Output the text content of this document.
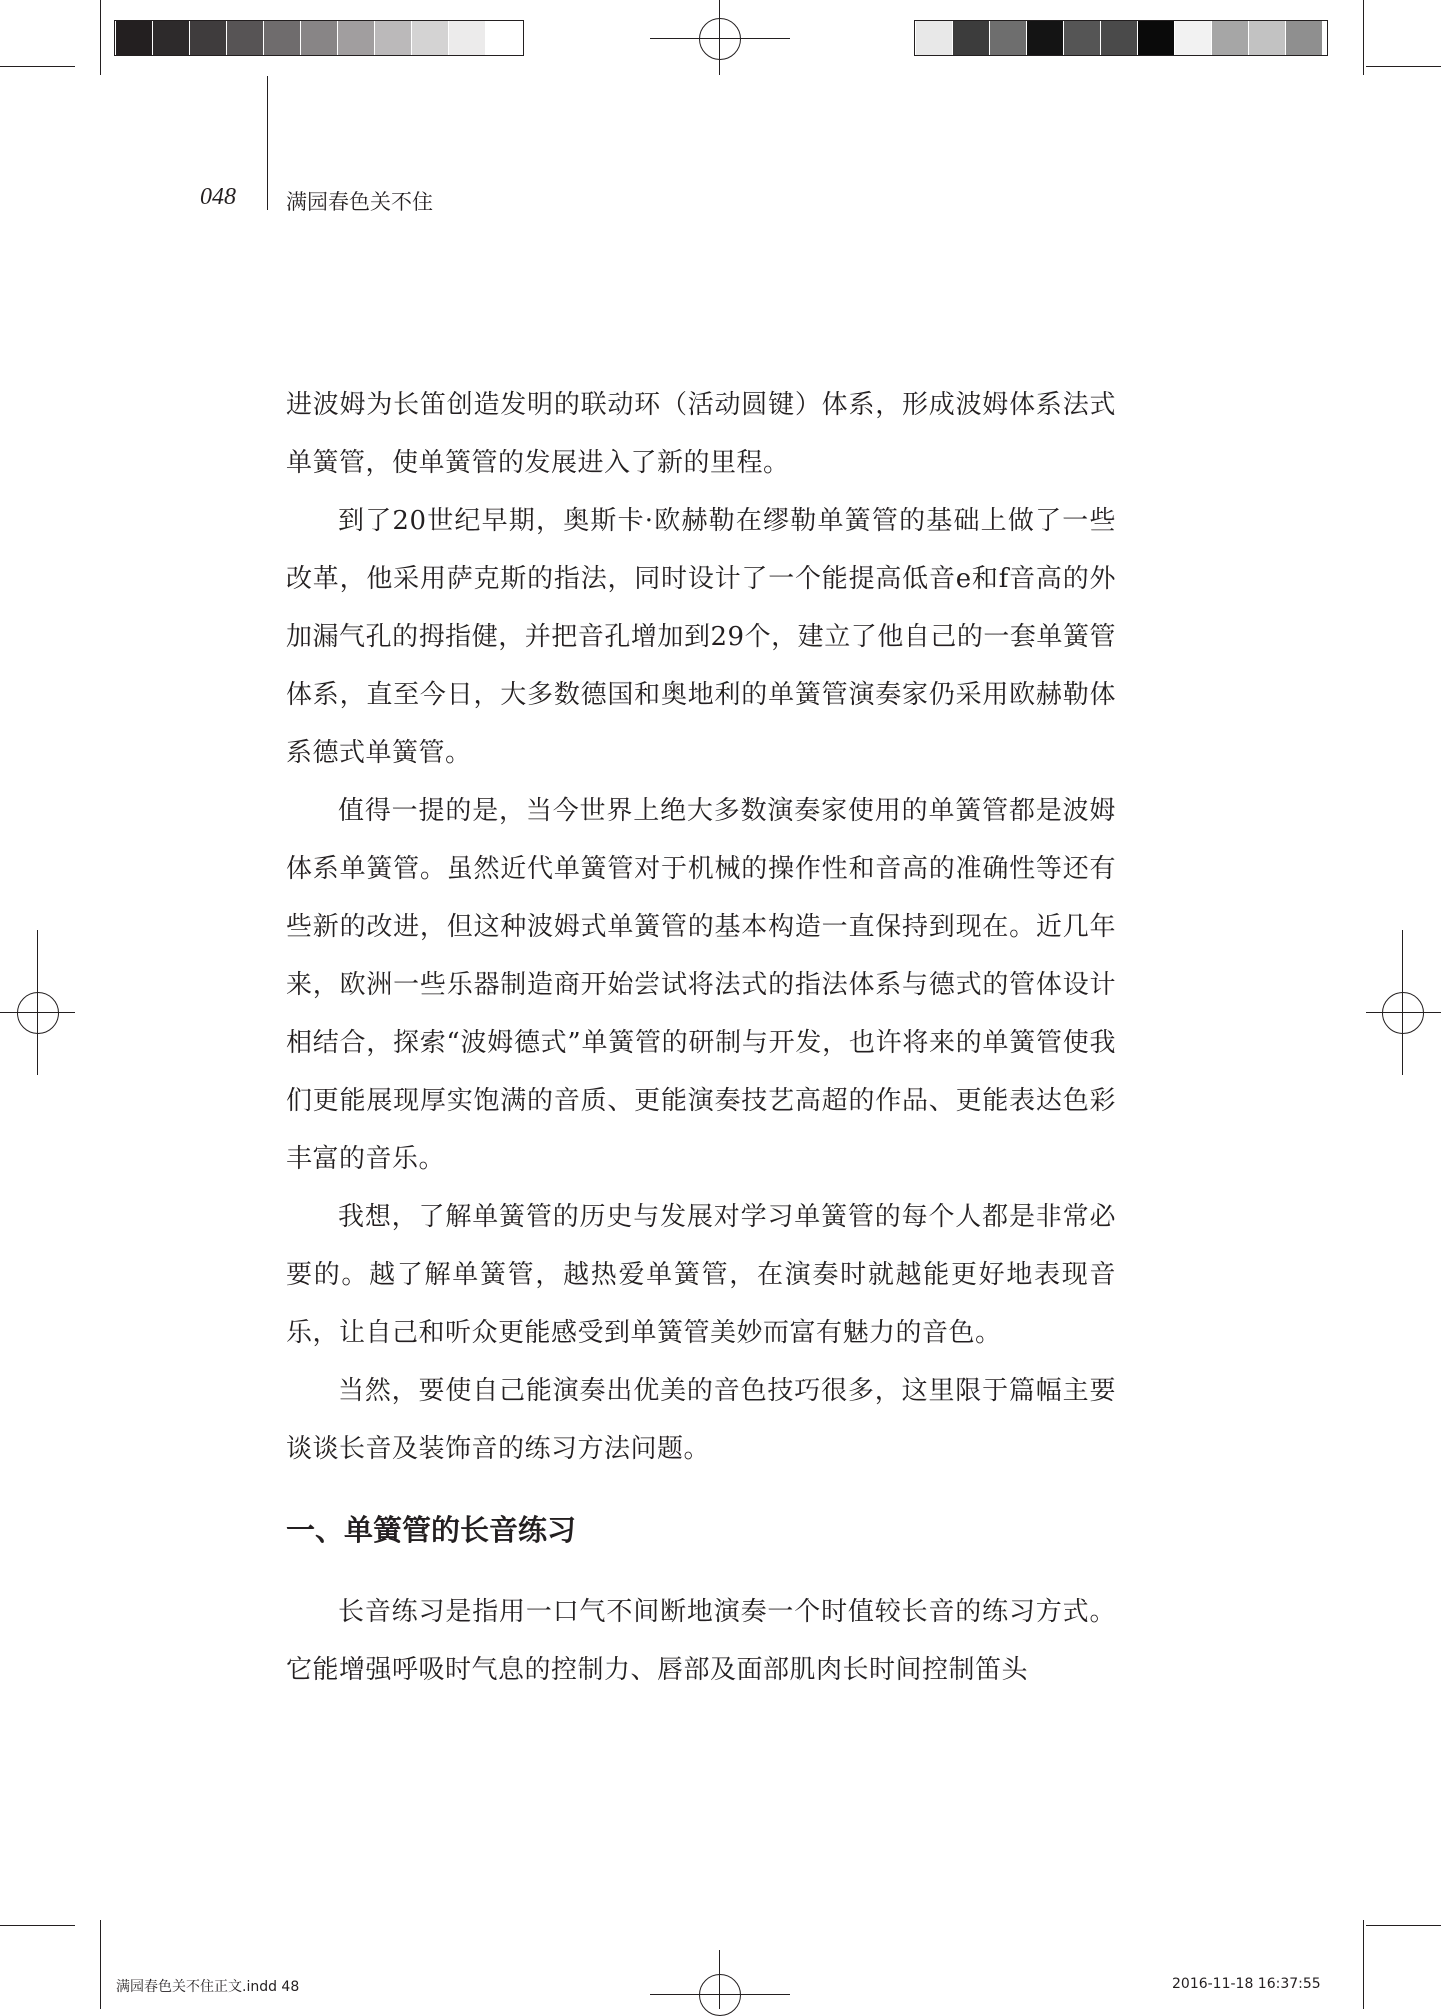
048 满园春色关不住

进波姆为长笛创造发明的联动环（活动圆键）体系，形成波姆体系法式单簧管，使单簧管的发展进入了新的里程。

到了20世纪早期，奥斯卡·欧赫勒在缪勒单簧管的基础上做了一些改革，他采用萨克斯的指法，同时设计了一个能提高低音e和f音高的外加漏气孔的拇指健，并把音孔增加到29个，建立了他自己的一套单簧管体系，直至今日，大多数德国和奥地利的单簧管演奏家仍采用欧赫勒体系德式单簧管。

值得一提的是，当今世界上绝大多数演奏家使用的单簧管都是波姆体系单簧管。虽然近代单簧管对于机械的操作性和音高的准确性等还有些新的改进，但这种波姆式单簧管的基本构造一直保持到现在。近几年来，欧洲一些乐器制造商开始尝试将法式的指法体系与德式的管体设计相结合，探索“波姆德式”单簧管的研制与开发，也许将来的单簧管使我们更能展现厚实饱满的音质、更能演奏技艺高超的作品、更能表达色彩丰富的音乐。

我想，了解单簧管的历史与发展对学习单簧管的每个人都是非常必要的。越了解单簧管，越热爱单簧管，在演奏时就越能更好地表现音乐，让自己和听众更能感受到单簧管美妙而富有魅力的音色。

当然，要使自己能演奏出优美的音色技巧很多，这里限于篇幅主要谈谈长音及装饰音的练习方法问题。

一、单簧管的长音练习

长音练习是指用一口气不间断地演奏一个时值较长音的练习方式。它能增强呼吸时气息的控制力、唇部及面部肌肉长时间控制笛头

满园春色关不住正文.indd 48	2016-11-18 16:37:55
